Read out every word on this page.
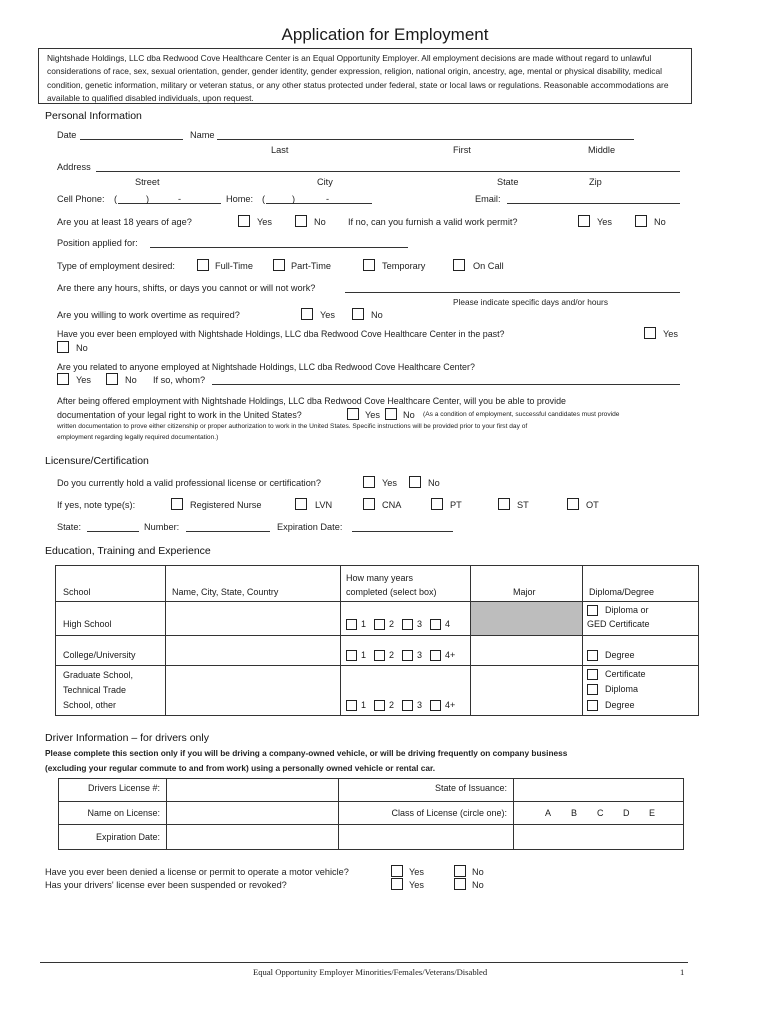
Application for Employment
Nightshade Holdings, LLC dba Redwood Cove Healthcare Center is an Equal Opportunity Employer. All employment decisions are made without regard to unlawful considerations of race, sex, sexual orientation, gender, gender identity, gender expression, religion, national origin, ancestry, age, mental or physical disability, medical condition, genetic information, military or veteran status, or any other status protected under federal, state or local laws or regulations. Reasonable accommodations are available to qualified disabled individuals, upon request.
Personal Information
Date	Name
Last	First	Middle
Address
Street	City	State	Zip
Cell Phone: (	)	-	Home: (	)	-	Email:
Are you at least 18 years of age?	Yes	No If no, can you furnish a valid work permit?	Yes	No
Position applied for:
Type of employment desired:	Full-Time	Part-Time	Temporary	On Call
Are there any hours, shifts, or days you cannot or will not work?
Please indicate specific days and/or hours
Are you willing to work overtime as required?	Yes	No
Have you ever been employed with Nightshade Holdings, LLC dba Redwood Cove Healthcare Center in the past?	Yes
No
Are you related to anyone employed at Nightshade Holdings, LLC dba Redwood Cove Healthcare Center?
Yes	No If so, whom?
After being offered employment with Nightshade Holdings, LLC dba Redwood Cove Healthcare Center, will you be able to provide
documentation of your legal right to work in the United States?	Yes	No (As a condition of employment, successful candidates must provide
written documentation to prove either citizenship or proper authorization to work in the United States. Specific instructions will be provided prior to your first day of
employment regarding legally required documentation.)
Licensure/Certification
Do you currently hold a valid professional license or certification?	Yes	No
If yes, note type(s):	Registered Nurse	LVN	CNA	PT	ST	OT
State:	Number:	Expiration Date:
Education, Training and Experience
School	Name, City, State, Country	How many years
completed (select box)	Major	Diploma/Degree

High School		1 2 3 4		Diploma or
GED Certificate

College/University		1 2 3 4+		Degree

Graduate School,
Technical Trade
School, other		1 2 3 4+		Certificate
Diploma
Degree
Driver Information – for drivers only
Please complete this section only if you will be driving a company-owned vehicle, or will be driving frequently on company business
(excluding your regular commute to and from work) using a personally owned vehicle or rental car.
Drivers License #:		State of Issuance:	

Name on License:		Class of License (circle one):	A B C D E

Expiration Date:			

Have you ever been denied a license or permit to operate a motor vehicle?	Yes	No
Has your drivers' license ever been suspended or revoked?	Yes	No
Equal Opportunity Employer Minorities/Females/Veterans/Disabled	1
